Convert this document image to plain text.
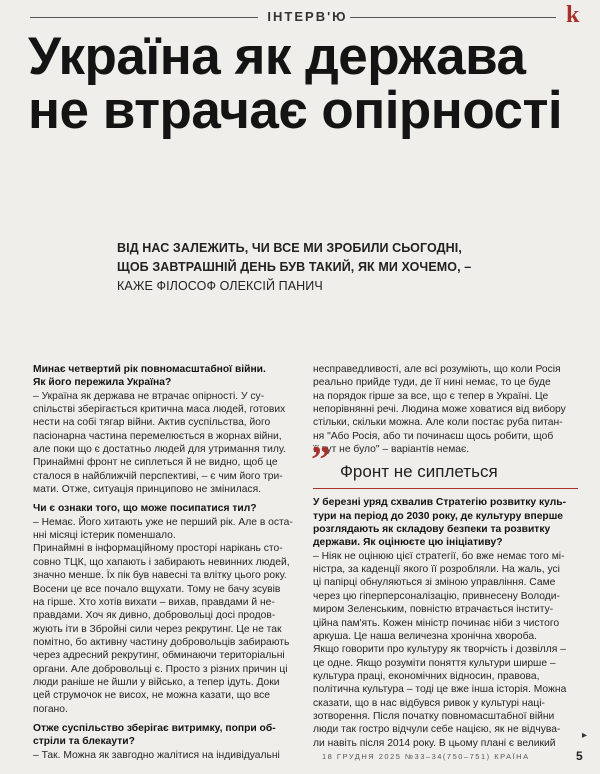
ІНТЕРВ'Ю	k
Україна як держава
не втрачає опірності
ВІД НАС ЗАЛЕЖИТЬ, ЧИ ВСЕ МИ ЗРОБИЛИ СЬОГОДНІ,
ЩОБ ЗАВТРАШНІЙ ДЕНЬ БУВ ТАКИЙ, ЯК МИ ХОЧЕМО, –
КАЖЕ ФІЛОСОФ ОЛЕКСІЙ ПАНИЧ
Минає четвертий рік повномасштабної війни.
Як його пережила Україна?
– Україна як держава не втрачає опірності. У су-
спільстві зберігається критична маса людей, готових
нести на собі тягар війни. Актив суспільства, його
пасіонарна частина перемелюється в жорнах війни,
але поки що є достатньо людей для утримання тилу.
Принаймні фронт не сиплеться й не видно, щоб це
сталося в найближчій перспективі, – є чим його три-
мати. Отже, ситуація принципово не змінилася.
Чи є ознаки того, що може посипатися тил?
– Немає. Його хитають уже не перший рік. Але в оста-
нні місяці істерик поменшало.
Принаймні в інформаційному просторі нарікань сто-
совно ТЦК, що хапають і забирають невинних людей,
значно менше. Їх пік був навесні та влітку цього року.
Восени це все почало вщухати. Тому не бачу зсувів
на гірше. Хто хотів вихати – вихав, правдами й не-
правдами. Хоч як дивно, добровольці досі продов-
жують іти в Збройні сили через рекрутинг. Це не так
помітно, бо активну частину добровольців забирають
через адресний рекрутинг, обминаючи територіальні
органи. Але добровольці є. Просто з різних причин ці
люди раніше не йшли у військо, а тепер ідуть. Доки
цей струмочок не висох, не можна казати, що все
погано.
Отже суспільство зберігає витримку, попри об-
стріли та блекаути?
– Так. Можна як завгодно жалітися на індивідуальні
несправедливості, але всі розуміють, що коли Росія
реально прийде туди, де її нині немає, то це буде
на порядок гірше за все, що є тепер в Україні. Це
непорівнянні речі. Людина може ховатися від вибору
стільки, скільки можна. Але коли постає руба питан-
ня "Або Росія, або ти починаєш щось робити, щоб
її тут не було" – варіантів немає.
” Фронт не сиплеться
У березні уряд схвалив Стратегію розвитку куль-
тури на період до 2030 року, де культуру вперше
розглядають як складову безпеки та розвитку
держави. Як оцінюєте цю ініціативу?
– Ніяк не оцінюю цієї стратегії, бо вже немає того мі-
ністра, за каденції якого її розробляли. На жаль, усі
ці папірці обнуляються зі зміною управління. Саме
через цю гіперперсоналізацію, привнесену Володи-
миром Зеленським, повністю втрачається інститу-
ційна пам'ять. Кожен міністр починає ніби з чистого
аркуша. Це наша величезна хронічна хвороба.
Якщо говорити про культуру як творчість і дозвілля –
це одне. Якщо розуміти поняття культури ширше –
культура праці, економічних відносин, правова,
політична культура – тоді це вже інша історія. Можна
сказати, що в нас відбувся ривок у культурі наці-
зотворення. Після початку повномасштабної війни
люди так гостро відчули себе нацією, як не відчува-
ли навіть після 2014 року. В цьому плані є великий
▸
18 ГРУДНЯ 2025 №33–34(750–751) КРАЇНА	5
